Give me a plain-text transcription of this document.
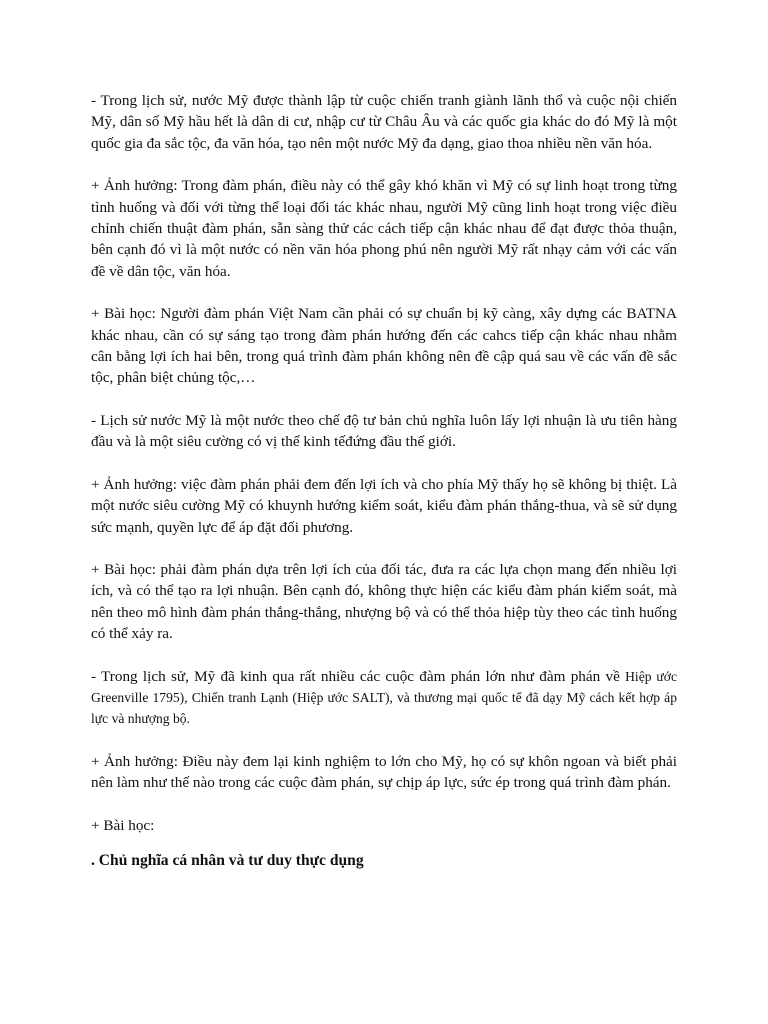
- Trong lịch sử, nước Mỹ được thành lập từ cuộc chiến tranh giành lãnh thổ và cuộc nội chiến Mỹ, dân số Mỹ hầu hết là dân di cư, nhập cư từ Châu Âu và các quốc gia khác do đó Mỹ là một quốc gia đa sắc tộc, đa văn hóa, tạo nên một nước Mỹ đa dạng, giao thoa nhiều nền văn hóa.

+ Ảnh hưởng: Trong đàm phán, điều này có thể gây khó khăn vì Mỹ có sự linh hoạt trong từng tình huống và đối với từng thể loại đối tác khác nhau, người Mỹ cũng linh hoạt trong việc điều chỉnh chiến thuật đàm phán, sẵn sàng thử các cách tiếp cận khác nhau để đạt được thỏa thuận, bên cạnh đó vì là một nước có nền văn hóa phong phú nên người Mỹ rất nhạy cảm với các vấn đề về dân tộc, văn hóa.

+ Bài học: Người đàm phán Việt Nam cần phải có sự chuẩn bị kỹ càng, xây dựng các BATNA khác nhau, cần có sự sáng tạo trong đàm phán hướng đến các cahcs tiếp cận khác nhau nhằm cân bằng lợi ích hai bên, trong quá trình đàm phán không nên đề cập quá sau về các vấn đề sắc tộc, phân biệt chủng tộc,…

- Lịch sử nước Mỹ là một nước theo chế độ tư bản chủ nghĩa luôn lấy lợi nhuận là ưu tiên hàng đầu và là một siêu cường có vị thế kinh tếđứng đầu thế giới.

+ Ảnh hưởng: việc đàm phán phải đem đến lợi ích và cho phía Mỹ thấy họ sẽ không bị thiệt. Là một nước siêu cường Mỹ có khuynh hướng kiểm soát, kiểu đàm phán thắng-thua, và sẽ sử dụng sức mạnh, quyền lực để áp đặt đối phương.

+ Bài học: phải đàm phán dựa trên lợi ích của đối tác, đưa ra các lựa chọn mang đến nhiều lợi ích, và có thể tạo ra lợi nhuận. Bên cạnh đó, không thực hiện các kiểu đàm phán kiểm soát, mà nên theo mô hình đàm phán thắng-thắng, nhượng bộ và có thể thỏa hiệp tùy theo các tình huống có thể xảy ra.

- Trong lịch sử, Mỹ đã kinh qua rất nhiều các cuộc đàm phán lớn như đàm phán về Hiệp ước Greenville 1795), Chiến tranh Lạnh (Hiệp ước SALT), và thương mại quốc tế đã dạy Mỹ cách kết hợp áp lực và nhượng bộ.

+ Ảnh hưởng: Điều này đem lại kinh nghiệm to lớn cho Mỹ, họ có sự khôn ngoan và biết phải nên làm như thế nào trong các cuộc đàm phán, sự chịp áp lực, sức ép trong quá trình đàm phán.

+ Bài học:

. Chủ nghĩa cá nhân và tư duy thực dụng
